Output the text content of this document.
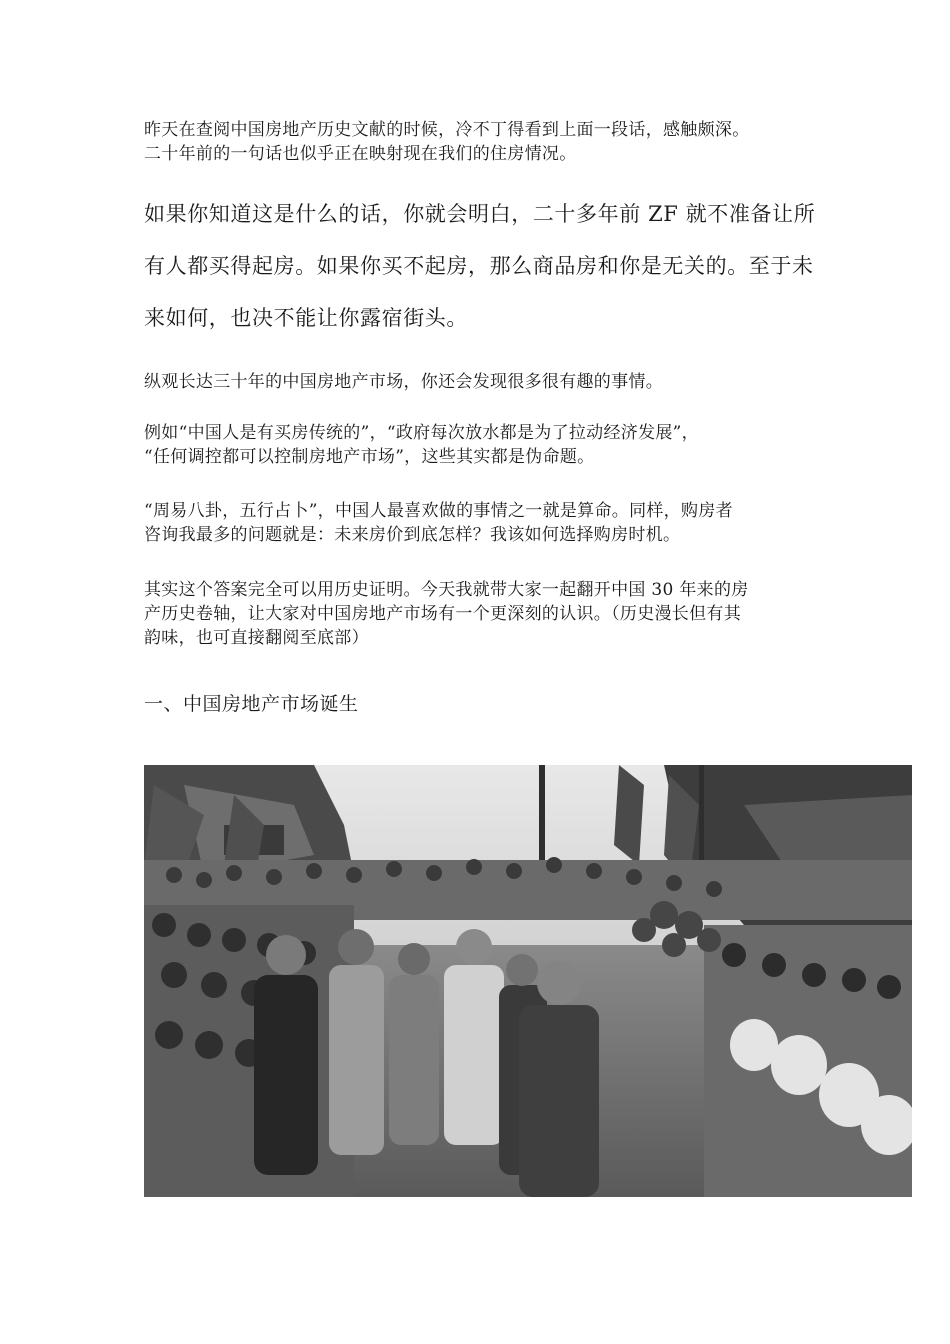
昨天在查阅中国房地产历史文献的时候，冷不丁得看到上面一段话，感触颇深。
二十年前的一句话也似乎正在映射现在我们的住房情况。

如果你知道这是什么的话，你就会明白，二十多年前 ZF 就不准备让所
有人都买得起房。如果你买不起房，那么商品房和你是无关的。至于未
来如何，也决不能让你露宿街头。

纵观长达三十年的中国房地产市场，你还会发现很多很有趣的事情。

例如“中国人是有买房传统的”，“政府每次放水都是为了拉动经济发展”，
“任何调控都可以控制房地产市场”，这些其实都是伪命题。

“周易八卦，五行占卜”，中国人最喜欢做的事情之一就是算命。同样，购房者
咨询我最多的问题就是：未来房价到底怎样？我该如何选择购房时机。

其实这个答案完全可以用历史证明。今天我就带大家一起翻开中国 30 年来的房
产历史卷轴，让大家对中国房地产市场有一个更深刻的认识。（历史漫长但有其
韵味，也可直接翻阅至底部）

一、中国房地产市场诞生
